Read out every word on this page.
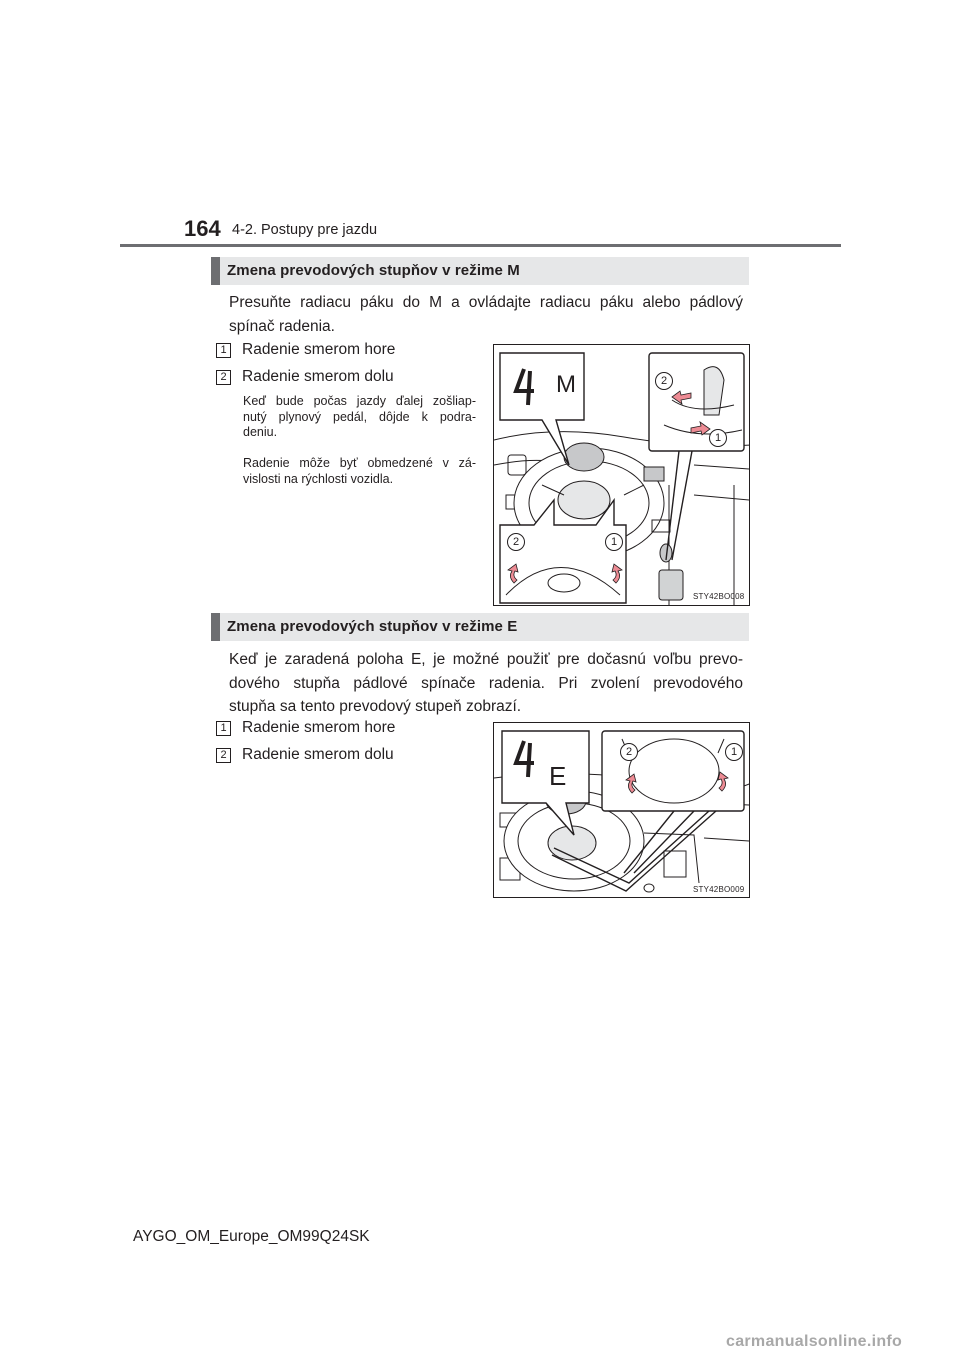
164 4-2. Postupy pre jazdu
Zmena prevodových stupňov v režime M
Presuňte radiacu páku do M a ovládajte radiacu páku alebo pádlový
spínač radenia.
1 Radenie smerom hore
2 Radenie smerom dolu
Keď bude počas jazdy ďalej zošliap-
nutý plynový pedál, dôjde k podra-
deniu.
Radenie môže byť obmedzené v zá-
vislosti na rýchlosti vozidla.
M	2
1
2	1
STY42BO008
Zmena prevodových stupňov v režime E
Keď je zaradená poloha E, je možné použiť pre dočasnú voľbu prevo-
dového stupňa pádlové spínače radenia. Pri zvolení prevodového
stupňa sa tento prevodový stupeň zobrazí.
1 Radenie smerom hore
2 Radenie smerom dolu
E
2	1
STY42BO009
AYGO_OM_Europe_OM99Q24SK
carmanualsonline.info
